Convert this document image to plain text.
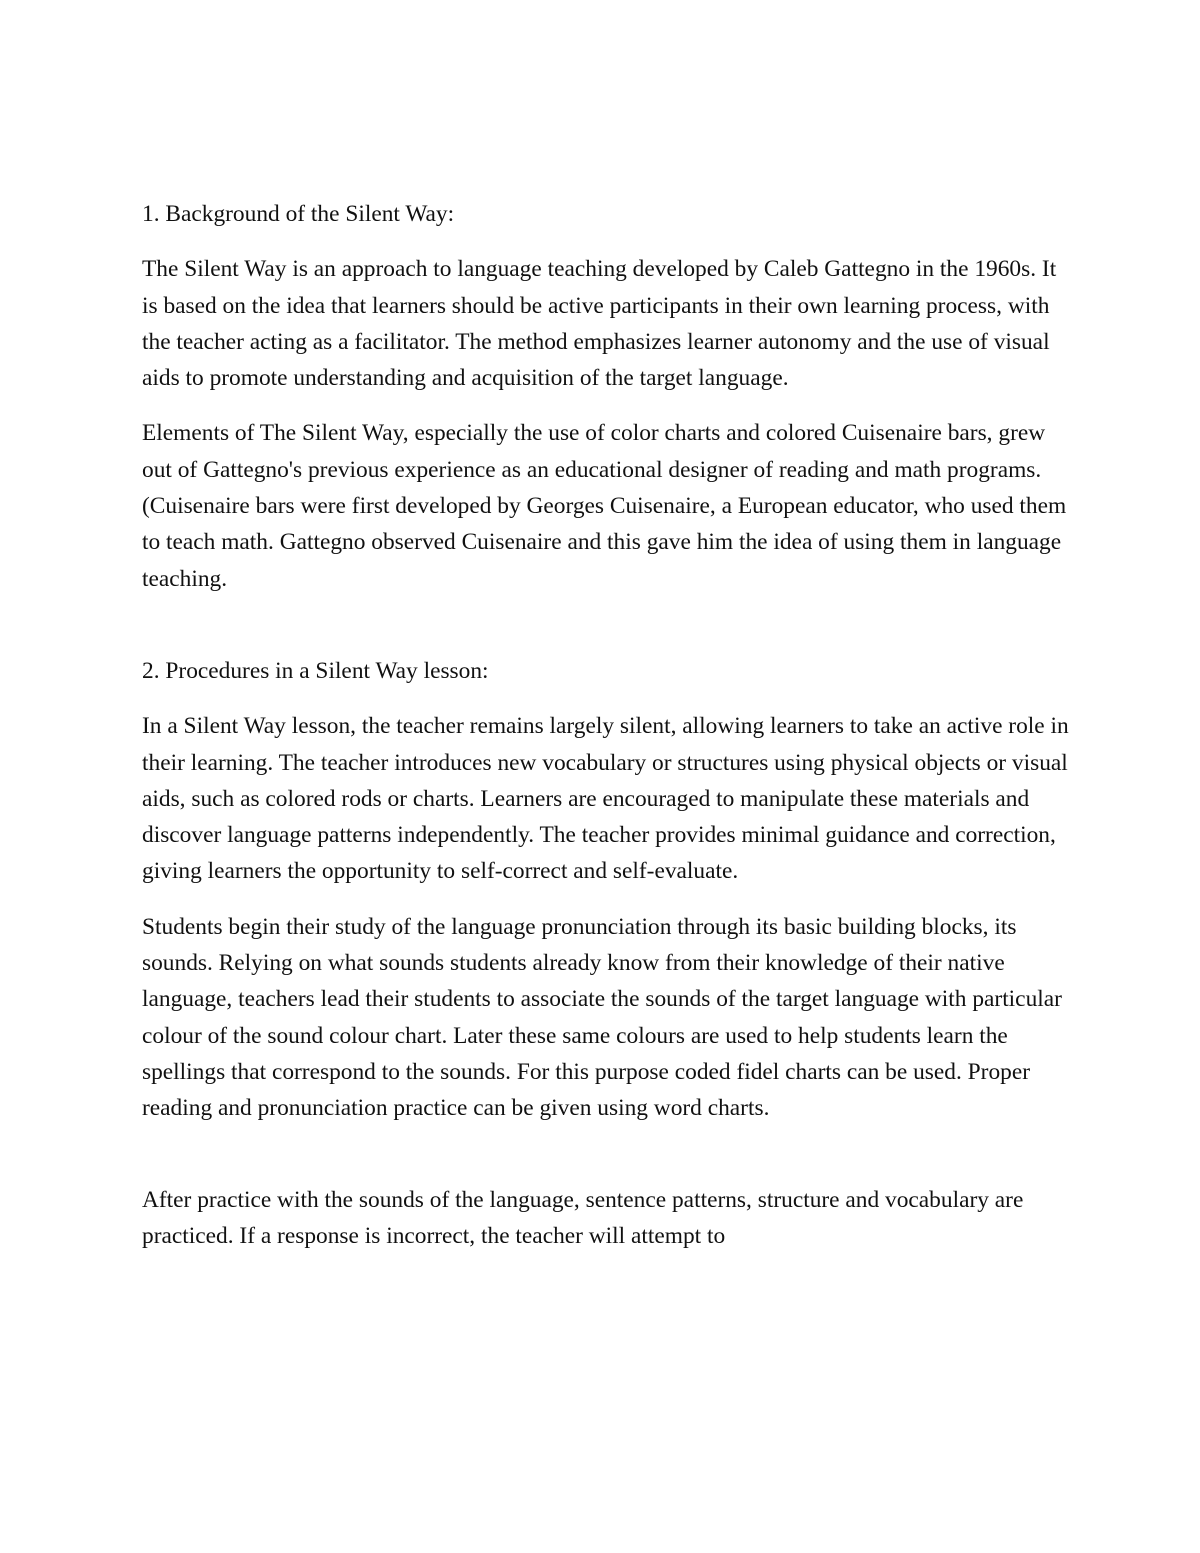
1. Background of the Silent Way:

The Silent Way is an approach to language teaching developed by Caleb Gattegno in the 1960s. It is based on the idea that learners should be active participants in their own learning process, with the teacher acting as a facilitator. The method emphasizes learner autonomy and the use of visual aids to promote understanding and acquisition of the target language.

Elements of The Silent Way, especially the use of color charts and colored Cuisenaire bars, grew out of Gattegno's previous experience as an educational designer of reading and math programs. (Cuisenaire bars were first developed by Georges Cuisenaire, a European educator, who used them to teach math. Gattegno observed Cuisenaire and this gave him the idea of using them in language teaching.

2. Procedures in a Silent Way lesson:

In a Silent Way lesson, the teacher remains largely silent, allowing learners to take an active role in their learning. The teacher introduces new vocabulary or structures using physical objects or visual aids, such as colored rods or charts. Learners are encouraged to manipulate these materials and discover language patterns independently. The teacher provides minimal guidance and correction, giving learners the opportunity to self-correct and self-evaluate.

Students begin their study of the language pronunciation through its basic building blocks, its sounds. Relying on what sounds students already know from their knowledge of their native language, teachers lead their students to associate the sounds of the target language with particular colour of the sound colour chart. Later these same colours are used to help students learn the spellings that correspond to the sounds. For this purpose coded fidel charts can be used. Proper reading and pronunciation practice can be given using word charts.

After practice with the sounds of the language, sentence patterns, structure and vocabulary are practiced. If a response is incorrect, the teacher will attempt to
